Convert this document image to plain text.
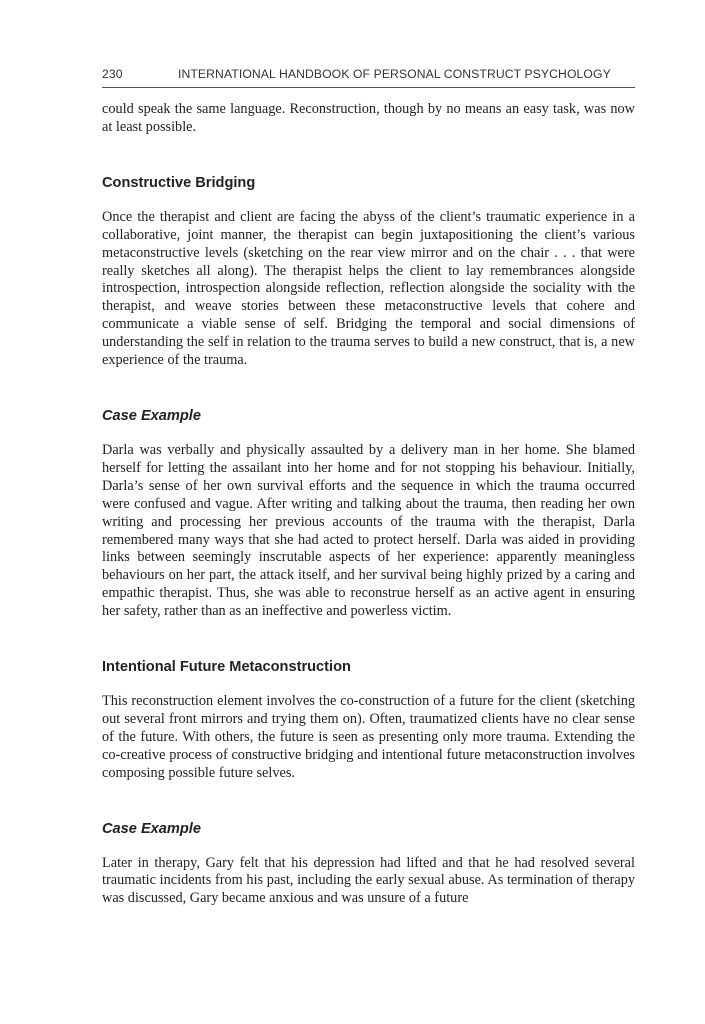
230	INTERNATIONAL HANDBOOK OF PERSONAL CONSTRUCT PSYCHOLOGY

could speak the same language. Reconstruction, though by no means an easy task, was now at least possible.

Constructive Bridging

Once the therapist and client are facing the abyss of the client’s traumatic experience in a collaborative, joint manner, the therapist can begin juxtapositioning the client’s various metaconstructive levels (sketching on the rear view mirror and on the chair . . . that were really sketches all along). The therapist helps the client to lay remembrances alongside introspection, introspection alongside reflection, reflection alongside the sociality with the therapist, and weave stories between these metaconstructive levels that cohere and communicate a viable sense of self. Bridging the temporal and social dimensions of understanding the self in relation to the trauma serves to build a new construct, that is, a new experience of the trauma.

Case Example

Darla was verbally and physically assaulted by a delivery man in her home. She blamed herself for letting the assailant into her home and for not stopping his behaviour. Initially, Darla’s sense of her own survival efforts and the sequence in which the trauma occurred were confused and vague. After writing and talking about the trauma, then reading her own writing and processing her previous accounts of the trauma with the therapist, Darla remembered many ways that she had acted to protect herself. Darla was aided in providing links between seemingly inscrutable aspects of her experience: apparently meaningless behaviours on her part, the attack itself, and her survival being highly prized by a caring and empathic therapist. Thus, she was able to reconstrue herself as an active agent in ensuring her safety, rather than as an ineffective and powerless victim.

Intentional Future Metaconstruction

This reconstruction element involves the co-construction of a future for the client (sketching out several front mirrors and trying them on). Often, traumatized clients have no clear sense of the future. With others, the future is seen as presenting only more trauma. Extending the co-creative process of constructive bridging and intentional future metaconstruction involves composing possible future selves.

Case Example

Later in therapy, Gary felt that his depression had lifted and that he had resolved several traumatic incidents from his past, including the early sexual abuse. As termination of therapy was discussed, Gary became anxious and was unsure of a future
